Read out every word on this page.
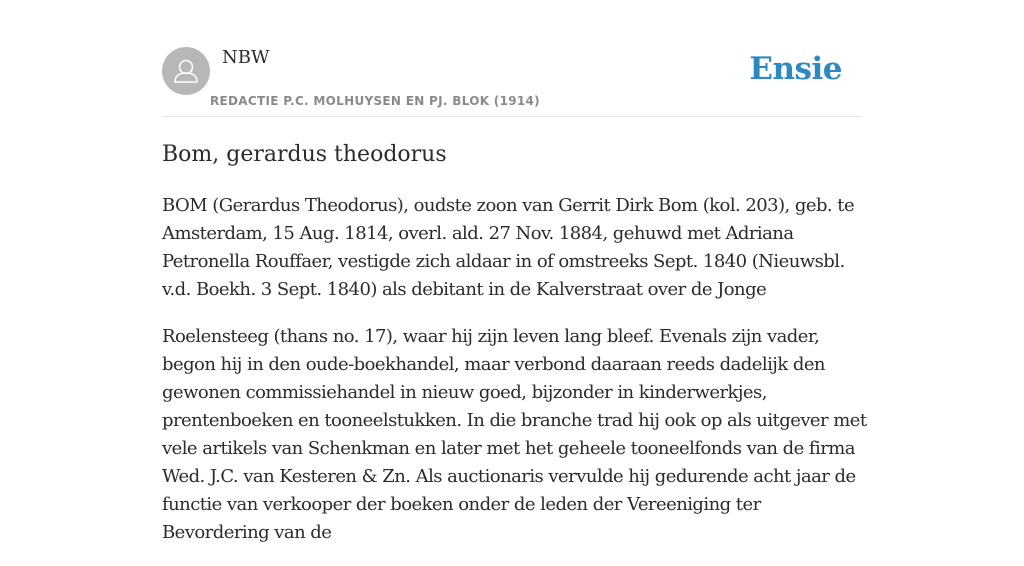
NBW
REDACTIE P.C. MOLHUYSEN EN PJ. BLOK (1914)
Ensie
Bom, gerardus theodorus

BOM (Gerardus Theodorus), oudste zoon van Gerrit Dirk Bom (kol. 203), geb. te Amsterdam, 15 Aug. 1814, overl. ald. 27 Nov. 1884, gehuwd met Adriana Petronella Rouffaer, vestigde zich aldaar in of omstreeks Sept. 1840 (Nieuwsbl. v.d. Boekh. 3 Sept. 1840) als debitant in de Kalverstraat over de Jonge

Roelensteeg (thans no. 17), waar hij zijn leven lang bleef. Evenals zijn vader, begon hij in den oude-boekhandel, maar verbond daaraan reeds dadelijk den gewonen commissiehandel in nieuw goed, bijzonder in kinderwerkjes, prentenboeken en tooneelstukken. In die branche trad hij ook op als uitgever met vele artikels van Schenkman en later met het geheele tooneelfonds van de firma Wed. J.C. van Kesteren & Zn. Als auctionaris vervulde hij gedurende acht jaar de functie van verkooper der boeken onder de leden der Vereeniging ter Bevordering van de
